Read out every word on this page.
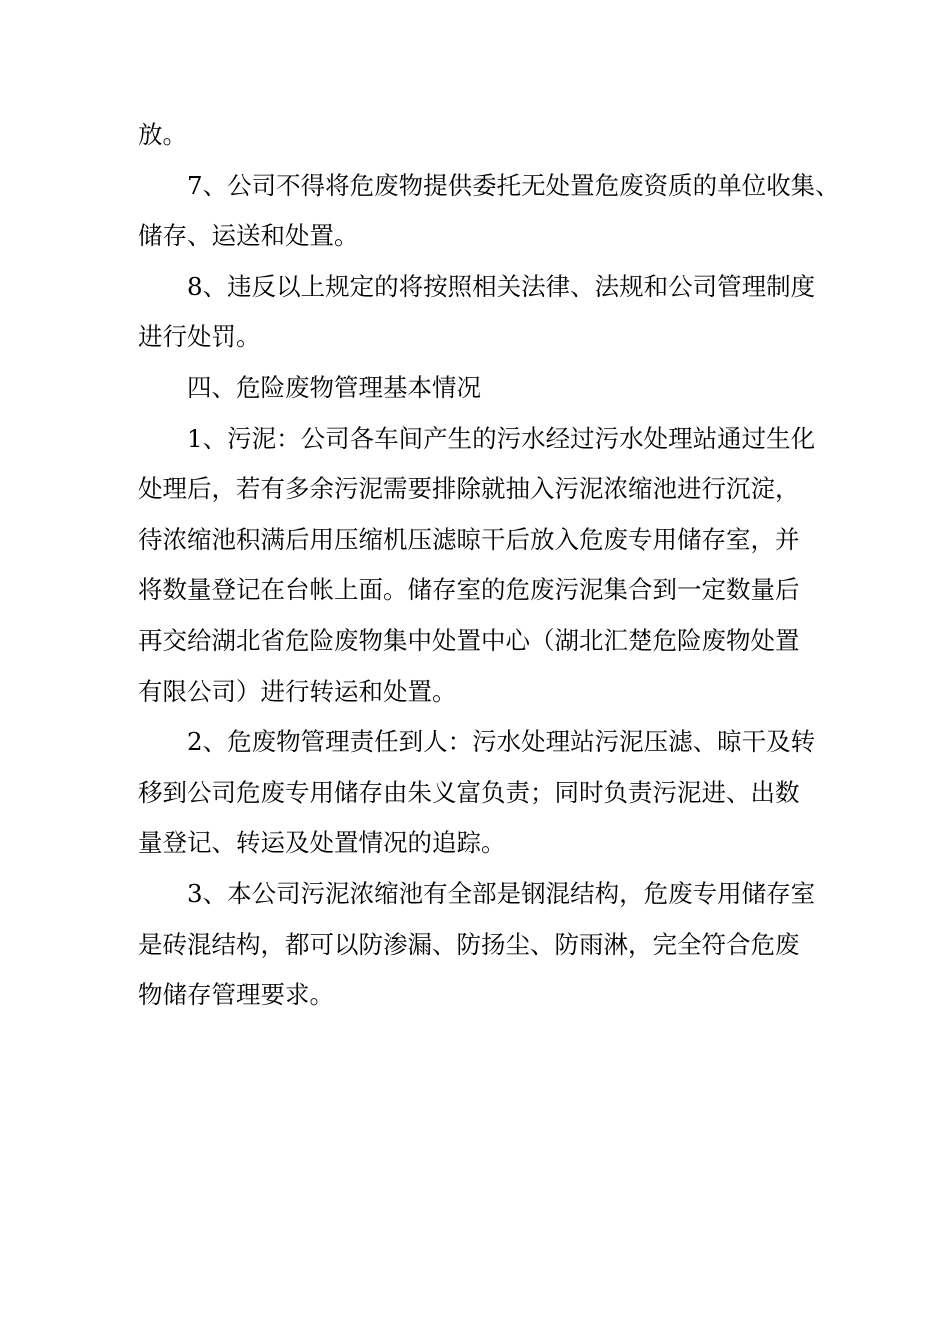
放。
7、公司不得将危废物提供委托无处置危废资质的单位收集、
储存、运送和处置。
8、违反以上规定的将按照相关法律、法规和公司管理制度
进行处罚。
四、危险废物管理基本情况
1、污泥：公司各车间产生的污水经过污水处理站通过生化
处理后，若有多余污泥需要排除就抽入污泥浓缩池进行沉淀，
待浓缩池积满后用压缩机压滤晾干后放入危废专用储存室，并
将数量登记在台帐上面。储存室的危废污泥集合到一定数量后
再交给湖北省危险废物集中处置中心（湖北汇楚危险废物处置
有限公司）进行转运和处置。
2、危废物管理责任到人：污水处理站污泥压滤、晾干及转
移到公司危废专用储存由朱义富负责；同时负责污泥进、出数
量登记、转运及处置情况的追踪。
3、本公司污泥浓缩池有全部是钢混结构，危废专用储存室
是砖混结构，都可以防渗漏、防扬尘、防雨淋，完全符合危废
物储存管理要求。
